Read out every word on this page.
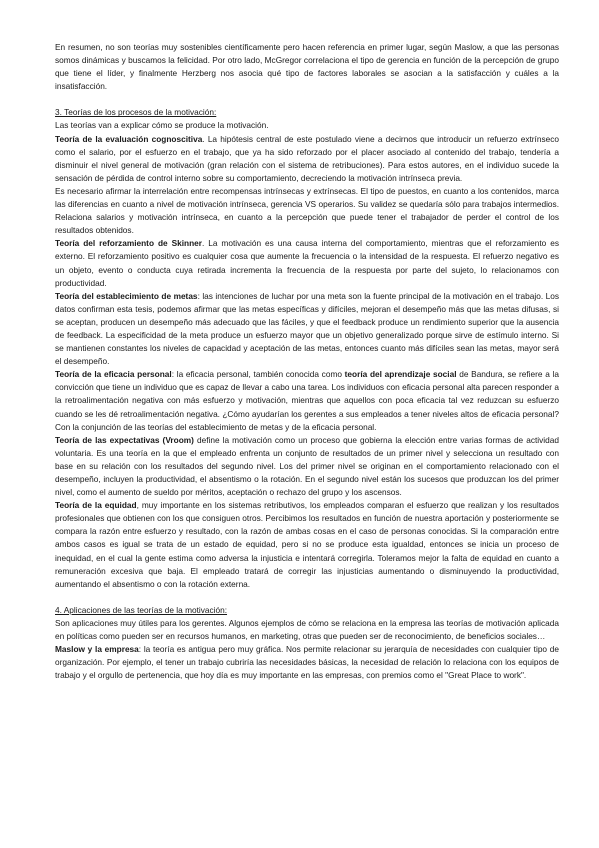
En resumen, no son teorías muy sostenibles científicamente pero hacen referencia en primer lugar, según Maslow, a que las personas somos dinámicas y buscamos la felicidad. Por otro lado, McGregor correlaciona el tipo de gerencia en función de la percepción de grupo que tiene el líder, y finalmente Herzberg nos asocia qué tipo de factores laborales se asocian a la satisfacción y cuáles a la insatisfacción.

3. Teorías de los procesos de la motivación:

Las teorías van a explicar cómo se produce la motivación.

Teoría de la evaluación cognoscitiva. La hipótesis central de este postulado viene a decirnos que introducir un refuerzo extrínseco como el salario, por el esfuerzo en el trabajo, que ya ha sido reforzado por el placer asociado al contenido del trabajo, tendería a disminuir el nivel general de motivación (gran relación con el sistema de retribuciones). Para estos autores, en el individuo sucede la sensación de pérdida de control interno sobre su comportamiento, decreciendo la motivación intrínseca previa.

Es necesario afirmar la interrelación entre recompensas intrínsecas y extrínsecas. El tipo de puestos, en cuanto a los contenidos, marca las diferencias en cuanto a nivel de motivación intrínseca, gerencia VS operarios. Su validez se quedaría sólo para trabajos intermedios. Relaciona salarios y motivación intrínseca, en cuanto a la percepción que puede tener el trabajador de perder el control de los resultados obtenidos.

Teoría del reforzamiento de Skinner. La motivación es una causa interna del comportamiento, mientras que el reforzamiento es externo. El reforzamiento positivo es cualquier cosa que aumente la frecuencia o la intensidad de la respuesta. El refuerzo negativo es un objeto, evento o conducta cuya retirada incrementa la frecuencia de la respuesta por parte del sujeto, lo relacionamos con productividad.

Teoría del establecimiento de metas: las intenciones de luchar por una meta son la fuente principal de la motivación en el trabajo. Los datos confirman esta tesis, podemos afirmar que las metas específicas y difíciles, mejoran el desempeño más que las metas difusas, si se aceptan, producen un desempeño más adecuado que las fáciles, y que el feedback produce un rendimiento superior que la ausencia de feedback. La especificidad de la meta produce un esfuerzo mayor que un objetivo generalizado porque sirve de estímulo interno. Si se mantienen constantes los niveles de capacidad y aceptación de las metas, entonces cuanto más difíciles sean las metas, mayor será el desempeño.

Teoría de la eficacia personal: la eficacia personal, también conocida como teoría del aprendizaje social de Bandura, se refiere a la convicción que tiene un individuo que es capaz de llevar a cabo una tarea. Los individuos con eficacia personal alta parecen responder a la retroalimentación negativa con más esfuerzo y motivación, mientras que aquellos con poca eficacia tal vez reduzcan su esfuerzo cuando se les dé retroalimentación negativa. ¿Cómo ayudarían los gerentes a sus empleados a tener niveles altos de eficacia personal? Con la conjunción de las teorías del establecimiento de metas y de la eficacia personal.

Teoría de las expectativas (Vroom) define la motivación como un proceso que gobierna la elección entre varias formas de actividad voluntaria. Es una teoría en la que el empleado enfrenta un conjunto de resultados de un primer nivel y selecciona un resultado con base en su relación con los resultados del segundo nivel. Los del primer nivel se originan en el comportamiento relacionado con el desempeño, incluyen la productividad, el absentismo o la rotación. En el segundo nivel están los sucesos que produzcan los del primer nivel, como el aumento de sueldo por méritos, aceptación o rechazo del grupo y los ascensos.

Teoría de la equidad, muy importante en los sistemas retributivos, los empleados comparan el esfuerzo que realizan y los resultados profesionales que obtienen con los que consiguen otros. Percibimos los resultados en función de nuestra aportación y posteriormente se compara la razón entre esfuerzo y resultado, con la razón de ambas cosas en el caso de personas conocidas. Si la comparación entre ambos casos es igual se trata de un estado de equidad, pero si no se produce esta igualdad, entonces se inicia un proceso de inequidad, en el cual la gente estima como adversa la injusticia e intentará corregirla. Toleramos mejor la falta de equidad en cuanto a remuneración excesiva que baja. El empleado tratará de corregir las injusticias aumentando o disminuyendo la productividad, aumentando el absentismo o con la rotación externa.

4. Aplicaciones de las teorías de la motivación:

Son aplicaciones muy útiles para los gerentes. Algunos ejemplos de cómo se relaciona en la empresa las teorías de motivación aplicada en políticas como pueden ser en recursos humanos, en marketing, otras que pueden ser de reconocimiento, de beneficios sociales…

Maslow y la empresa: la teoría es antigua pero muy gráfica. Nos permite relacionar su jerarquía de necesidades con cualquier tipo de organización. Por ejemplo, el tener un trabajo cubriría las necesidades básicas, la necesidad de relación lo relaciona con los equipos de trabajo y el orgullo de pertenencia, que hoy día es muy importante en las empresas, con premios como el "Great Place to work".
